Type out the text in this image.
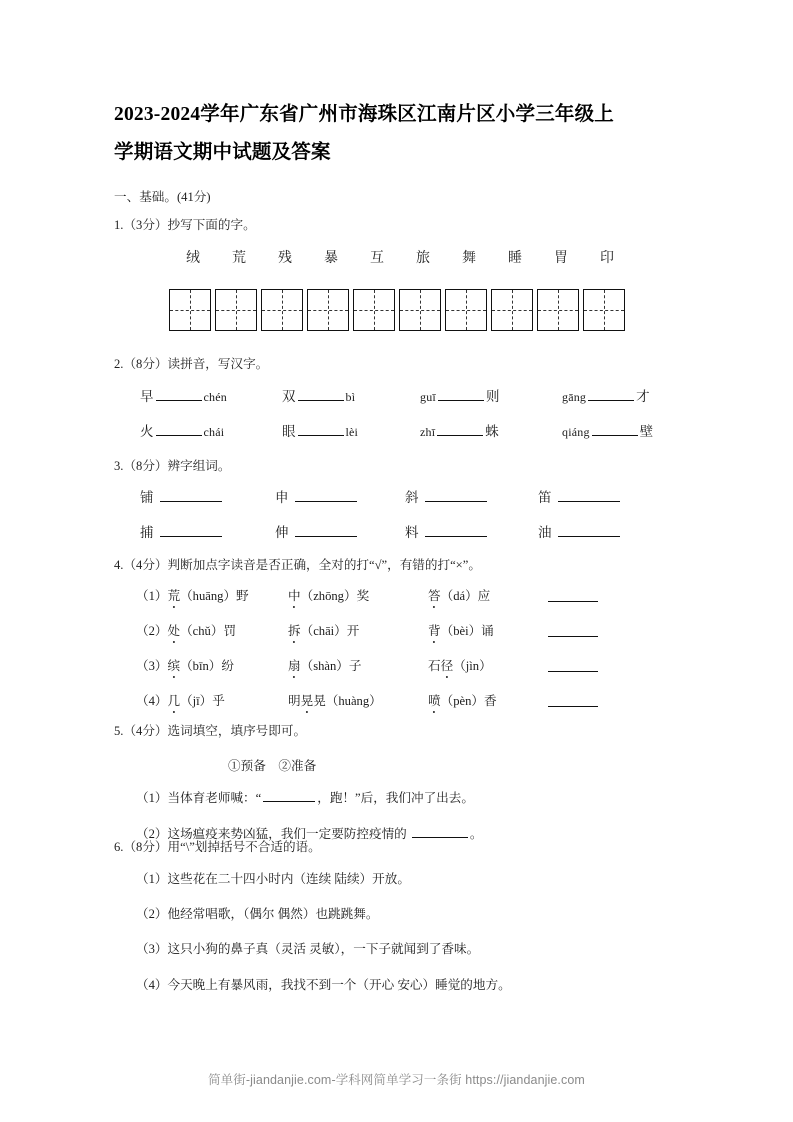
2023-2024学年广东省广州市海珠区江南片区小学三年级上
学期语文期中试题及答案
一、基础。(41分)
1.（3分）抄写下面的字。
绒	荒	残	暴	互	旅	舞	睡	胃	印
2.（8分）读拼音，写汉字。
早	chén	双	bì	guī	则	gāng	才
火	chái	眼	lèi	zhī	蛛	qiáng	壁
3.（8分）辨字组词。
铺	申	斜	笛
捕	伸	料	油
4.（4分）判断加点字读音是否正确，全对的打“√”，有错的打“×”。
（1）荒（huāng）野	中（zhōng）奖	答（dá）应
（2）处（chǔ）罚	拆（chāi）开	背（bèi）诵
（3）缤（bīn）纷	扇（shàn）子	石径（jìn）
（4）几（jī）乎	明晃晃（huàng）	喷（pèn）香
5.（4分）选词填空，填序号即可。
①预备　②准备
（1）当体育老师喊：“	，跑！”后，我们冲了出去。
（2）这场瘟疫来势凶猛，我们一定要防控疫情的	。
6.（8分）用“\”划掉括号不合适的语。
（1）这些花在二十四小时内（连续 陆续）开放。
（2）他经常唱歌，（偶尔 偶然）也跳跳舞。
（3）这只小狗的鼻子真（灵活 灵敏），一下子就闻到了香味。
（4）今天晚上有暴风雨，我找不到一个（开心 安心）睡觉的地方。
简单街-jiandanjie.com-学科网简单学习一条街 https://jiandanjie.com
